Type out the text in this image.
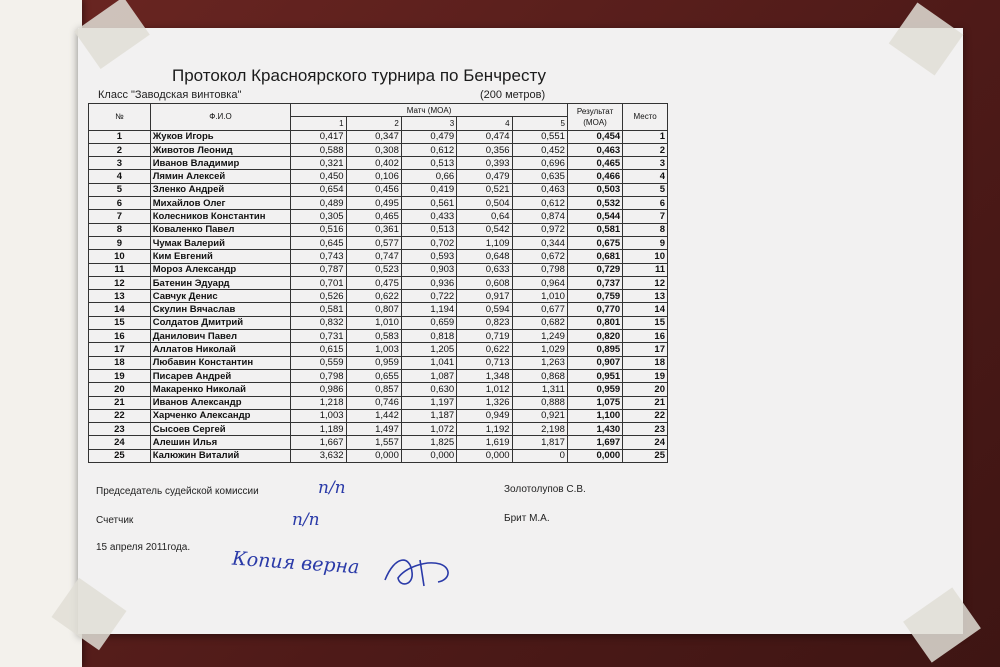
Протокол Красноярского турнира по Бенчресту
Класс "Заводская винтовка"	(200 метров)
№	Ф.И.О	Матч (MOA)					Результат (MOA)	Место
		1	2	3	4	5		
1	Жуков Игорь	0,417	0,347	0,479	0,474	0,551	0,454	1
2	Животов Леонид	0,588	0,308	0,612	0,356	0,452	0,463	2
3	Иванов Владимир	0,321	0,402	0,513	0,393	0,696	0,465	3
4	Лямин Алексей	0,450	0,106	0,66	0,479	0,635	0,466	4
5	Зленко Андрей	0,654	0,456	0,419	0,521	0,463	0,503	5
6	Михайлов Олег	0,489	0,495	0,561	0,504	0,612	0,532	6
7	Колесников Константин	0,305	0,465	0,433	0,64	0,874	0,544	7
8	Коваленко Павел	0,516	0,361	0,513	0,542	0,972	0,581	8
9	Чумак Валерий	0,645	0,577	0,702	1,109	0,344	0,675	9
10	Ким Евгений	0,743	0,747	0,593	0,648	0,672	0,681	10
11	Мороз Александр	0,787	0,523	0,903	0,633	0,798	0,729	11
12	Батенин Эдуард	0,701	0,475	0,936	0,608	0,964	0,737	12
13	Савчук Денис	0,526	0,622	0,722	0,917	1,010	0,759	13
14	Скулин Вячаслав	0,581	0,807	1,194	0,594	0,677	0,770	14
15	Солдатов Дмитрий	0,832	1,010	0,659	0,823	0,682	0,801	15
16	Данилович Павел	0,731	0,583	0,818	0,719	1,249	0,820	16
17	Аллатов Николай	0,615	1,003	1,205	0,622	1,029	0,895	17
18	Любавин Константин	0,559	0,959	1,041	0,713	1,263	0,907	18
19	Писарев Андрей	0,798	0,655	1,087	1,348	0,868	0,951	19
20	Макаренко Николай	0,986	0,857	0,630	1,012	1,311	0,959	20
21	Иванов Александр	1,218	0,746	1,197	1,326	0,888	1,075	21
22	Харченко Александр	1,003	1,442	1,187	0,949	0,921	1,100	22
23	Сысоев Сергей	1,189	1,497	1,072	1,192	2,198	1,430	23
24	Алешин Илья	1,667	1,557	1,825	1,619	1,817	1,697	24
25	Калюжин Виталий	3,632	0,000	0,000	0,000	0	0,000	25
Председатель судейской комиссии	п/п	Золотолупов С.В.
Счетчик	п/п	Брит М.А.
15 апреля 2011года.
Копия верна
